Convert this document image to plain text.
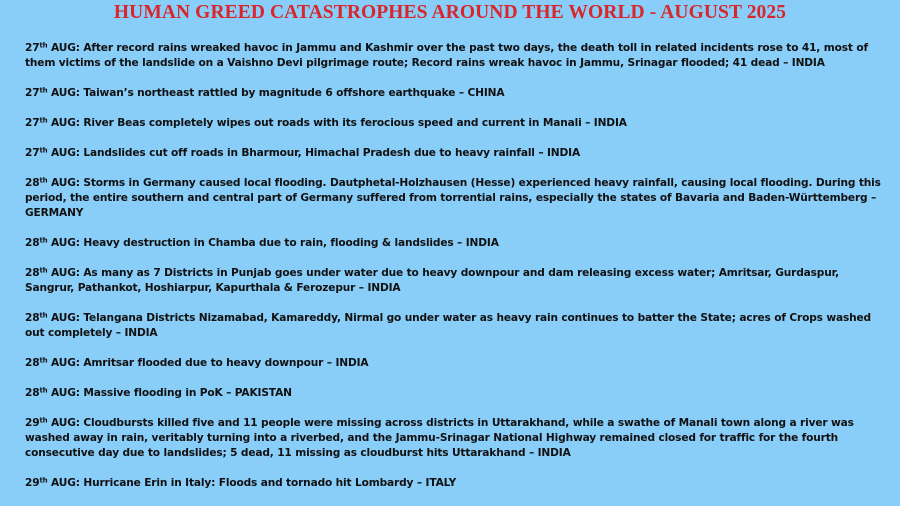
HUMAN GREED CATASTROPHES AROUND THE WORLD - AUGUST 2025
27th AUG: After record rains wreaked havoc in Jammu and Kashmir over the past two days, the death toll in related incidents rose to 41, most of them victims of the landslide on a Vaishno Devi pilgrimage route; Record rains wreak havoc in Jammu, Srinagar flooded; 41 dead – INDIA
27th AUG: Taiwan’s northeast rattled by magnitude 6 offshore earthquake – CHINA
27th AUG: River Beas completely wipes out roads with its ferocious speed and current in Manali – INDIA
27th AUG: Landslides cut off roads in Bharmour, Himachal Pradesh due to heavy rainfall – INDIA
28th AUG: Storms in Germany caused local flooding. Dautphetal-Holzhausen (Hesse) experienced heavy rainfall, causing local flooding. During this period, the entire southern and central part of Germany suffered from torrential rains, especially the states of Bavaria and Baden-Württemberg – GERMANY
28th AUG: Heavy destruction in Chamba due to rain, flooding & landslides – INDIA
28th AUG: As many as 7 Districts in Punjab goes under water due to heavy downpour and dam releasing excess water; Amritsar, Gurdaspur, Sangrur, Pathankot, Hoshiarpur, Kapurthala & Ferozepur – INDIA
28th AUG: Telangana Districts Nizamabad, Kamareddy, Nirmal go under water as heavy rain continues to batter the State; acres of Crops washed out completely – INDIA
28th AUG: Amritsar flooded due to heavy downpour – INDIA
28th AUG: Massive flooding in PoK – PAKISTAN
29th AUG: Cloudbursts killed five and 11 people were missing across districts in Uttarakhand, while a swathe of Manali town along a river was washed away in rain, veritably turning into a riverbed, and the Jammu-Srinagar National Highway remained closed for traffic for the fourth consecutive day due to landslides; 5 dead, 11 missing as cloudburst hits Uttarakhand – INDIA
29th AUG: Hurricane Erin in Italy: Floods and tornado hit Lombardy – ITALY
